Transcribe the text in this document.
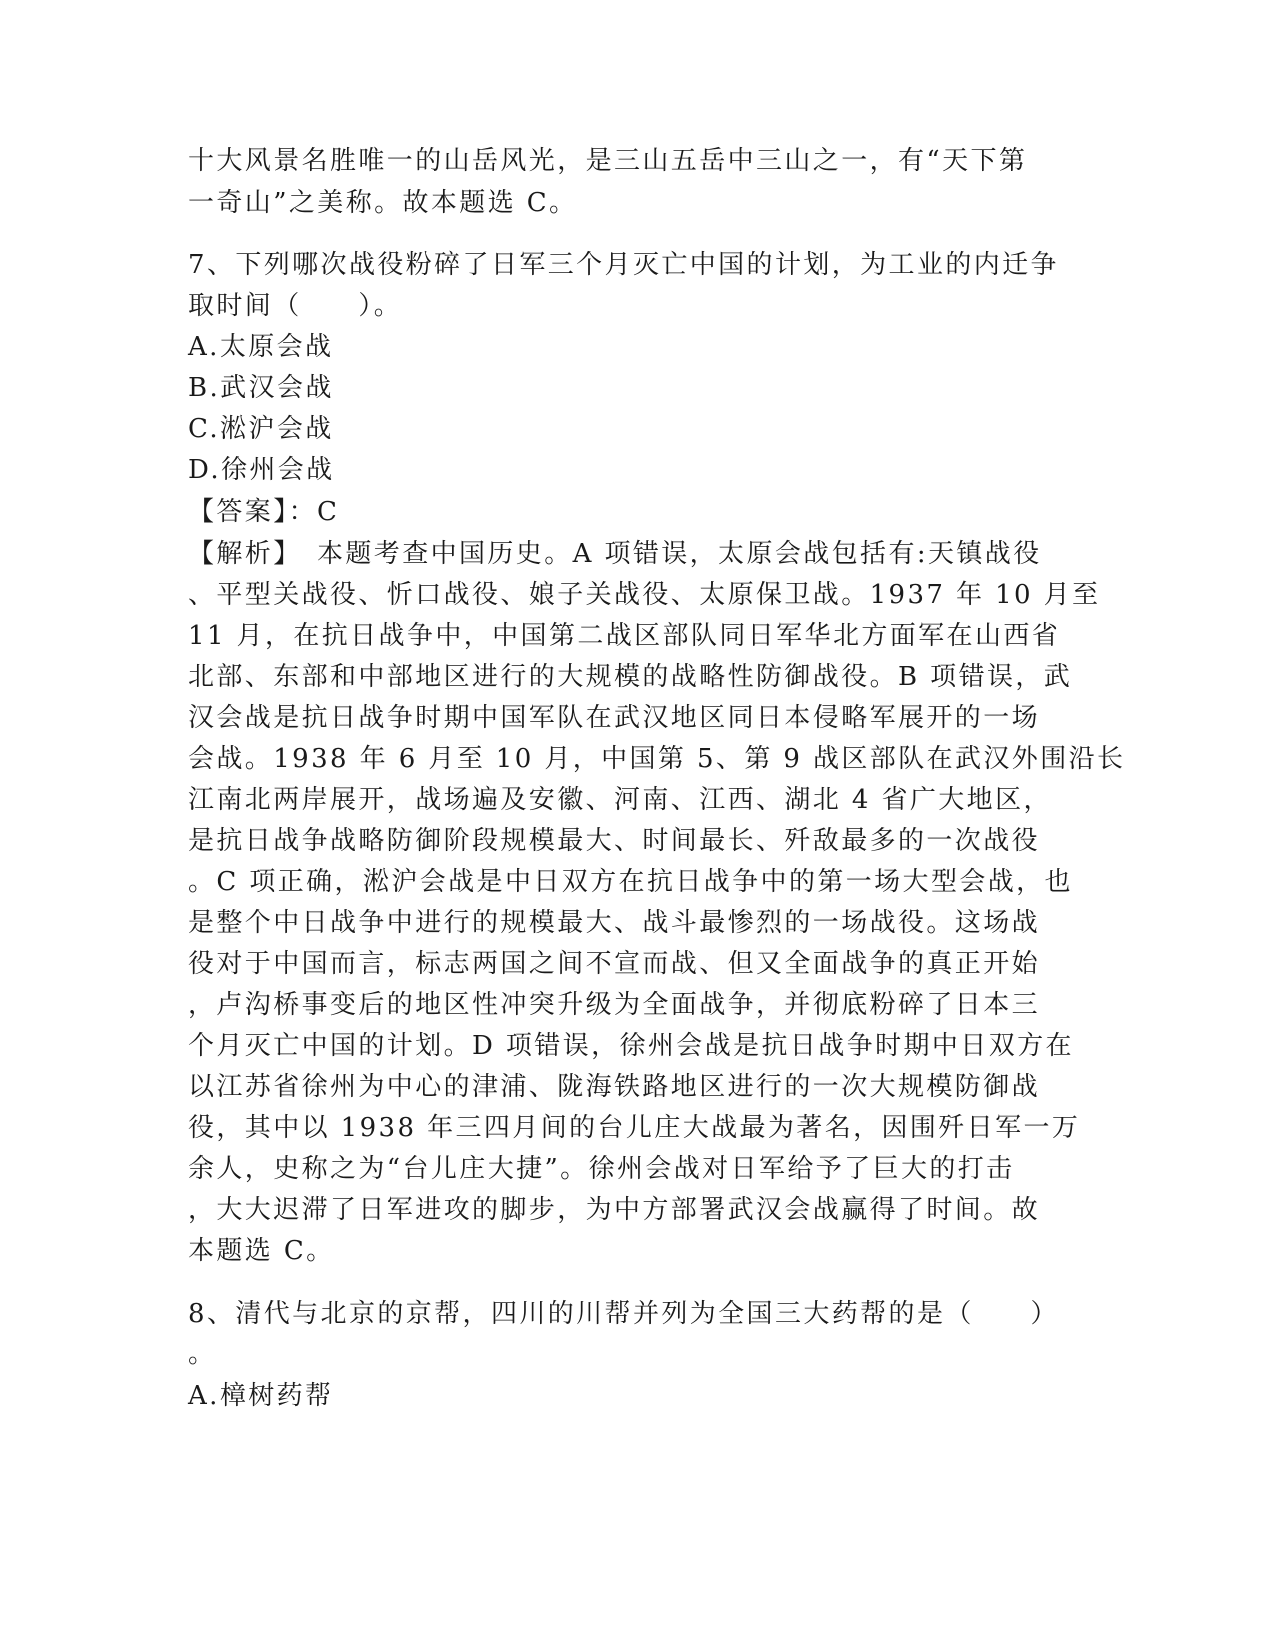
十大风景名胜唯一的山岳风光，是三山五岳中三山之一，有“天下第
一奇山”之美称。故本题选 C。
7、下列哪次战役粉碎了日军三个月灭亡中国的计划，为工业的内迁争
取时间（　　）。
A.太原会战
B.武汉会战
C.淞沪会战
D.徐州会战
【答案】：C
【解析】　本题考查中国历史。A 项错误，太原会战包括有:天镇战役
、平型关战役、忻口战役、娘子关战役、太原保卫战。1937 年 10 月至
11 月，在抗日战争中，中国第二战区部队同日军华北方面军在山西省
北部、东部和中部地区进行的大规模的战略性防御战役。B 项错误，武
汉会战是抗日战争时期中国军队在武汉地区同日本侵略军展开的一场
会战。1938 年 6 月至 10 月，中国第 5、第 9 战区部队在武汉外围沿长
江南北两岸展开，战场遍及安徽、河南、江西、湖北 4 省广大地区，
是抗日战争战略防御阶段规模最大、时间最长、歼敌最多的一次战役
。C 项正确，淞沪会战是中日双方在抗日战争中的第一场大型会战，也
是整个中日战争中进行的规模最大、战斗最惨烈的一场战役。这场战
役对于中国而言，标志两国之间不宣而战、但又全面战争的真正开始
，卢沟桥事变后的地区性冲突升级为全面战争，并彻底粉碎了日本三
个月灭亡中国的计划。D 项错误，徐州会战是抗日战争时期中日双方在
以江苏省徐州为中心的津浦、陇海铁路地区进行的一次大规模防御战
役，其中以 1938 年三四月间的台儿庄大战最为著名，因围歼日军一万
余人，史称之为“台儿庄大捷”。徐州会战对日军给予了巨大的打击
，大大迟滞了日军进攻的脚步，为中方部署武汉会战赢得了时间。故
本题选 C。
8、清代与北京的京帮，四川的川帮并列为全国三大药帮的是（　　）
。
A.樟树药帮
